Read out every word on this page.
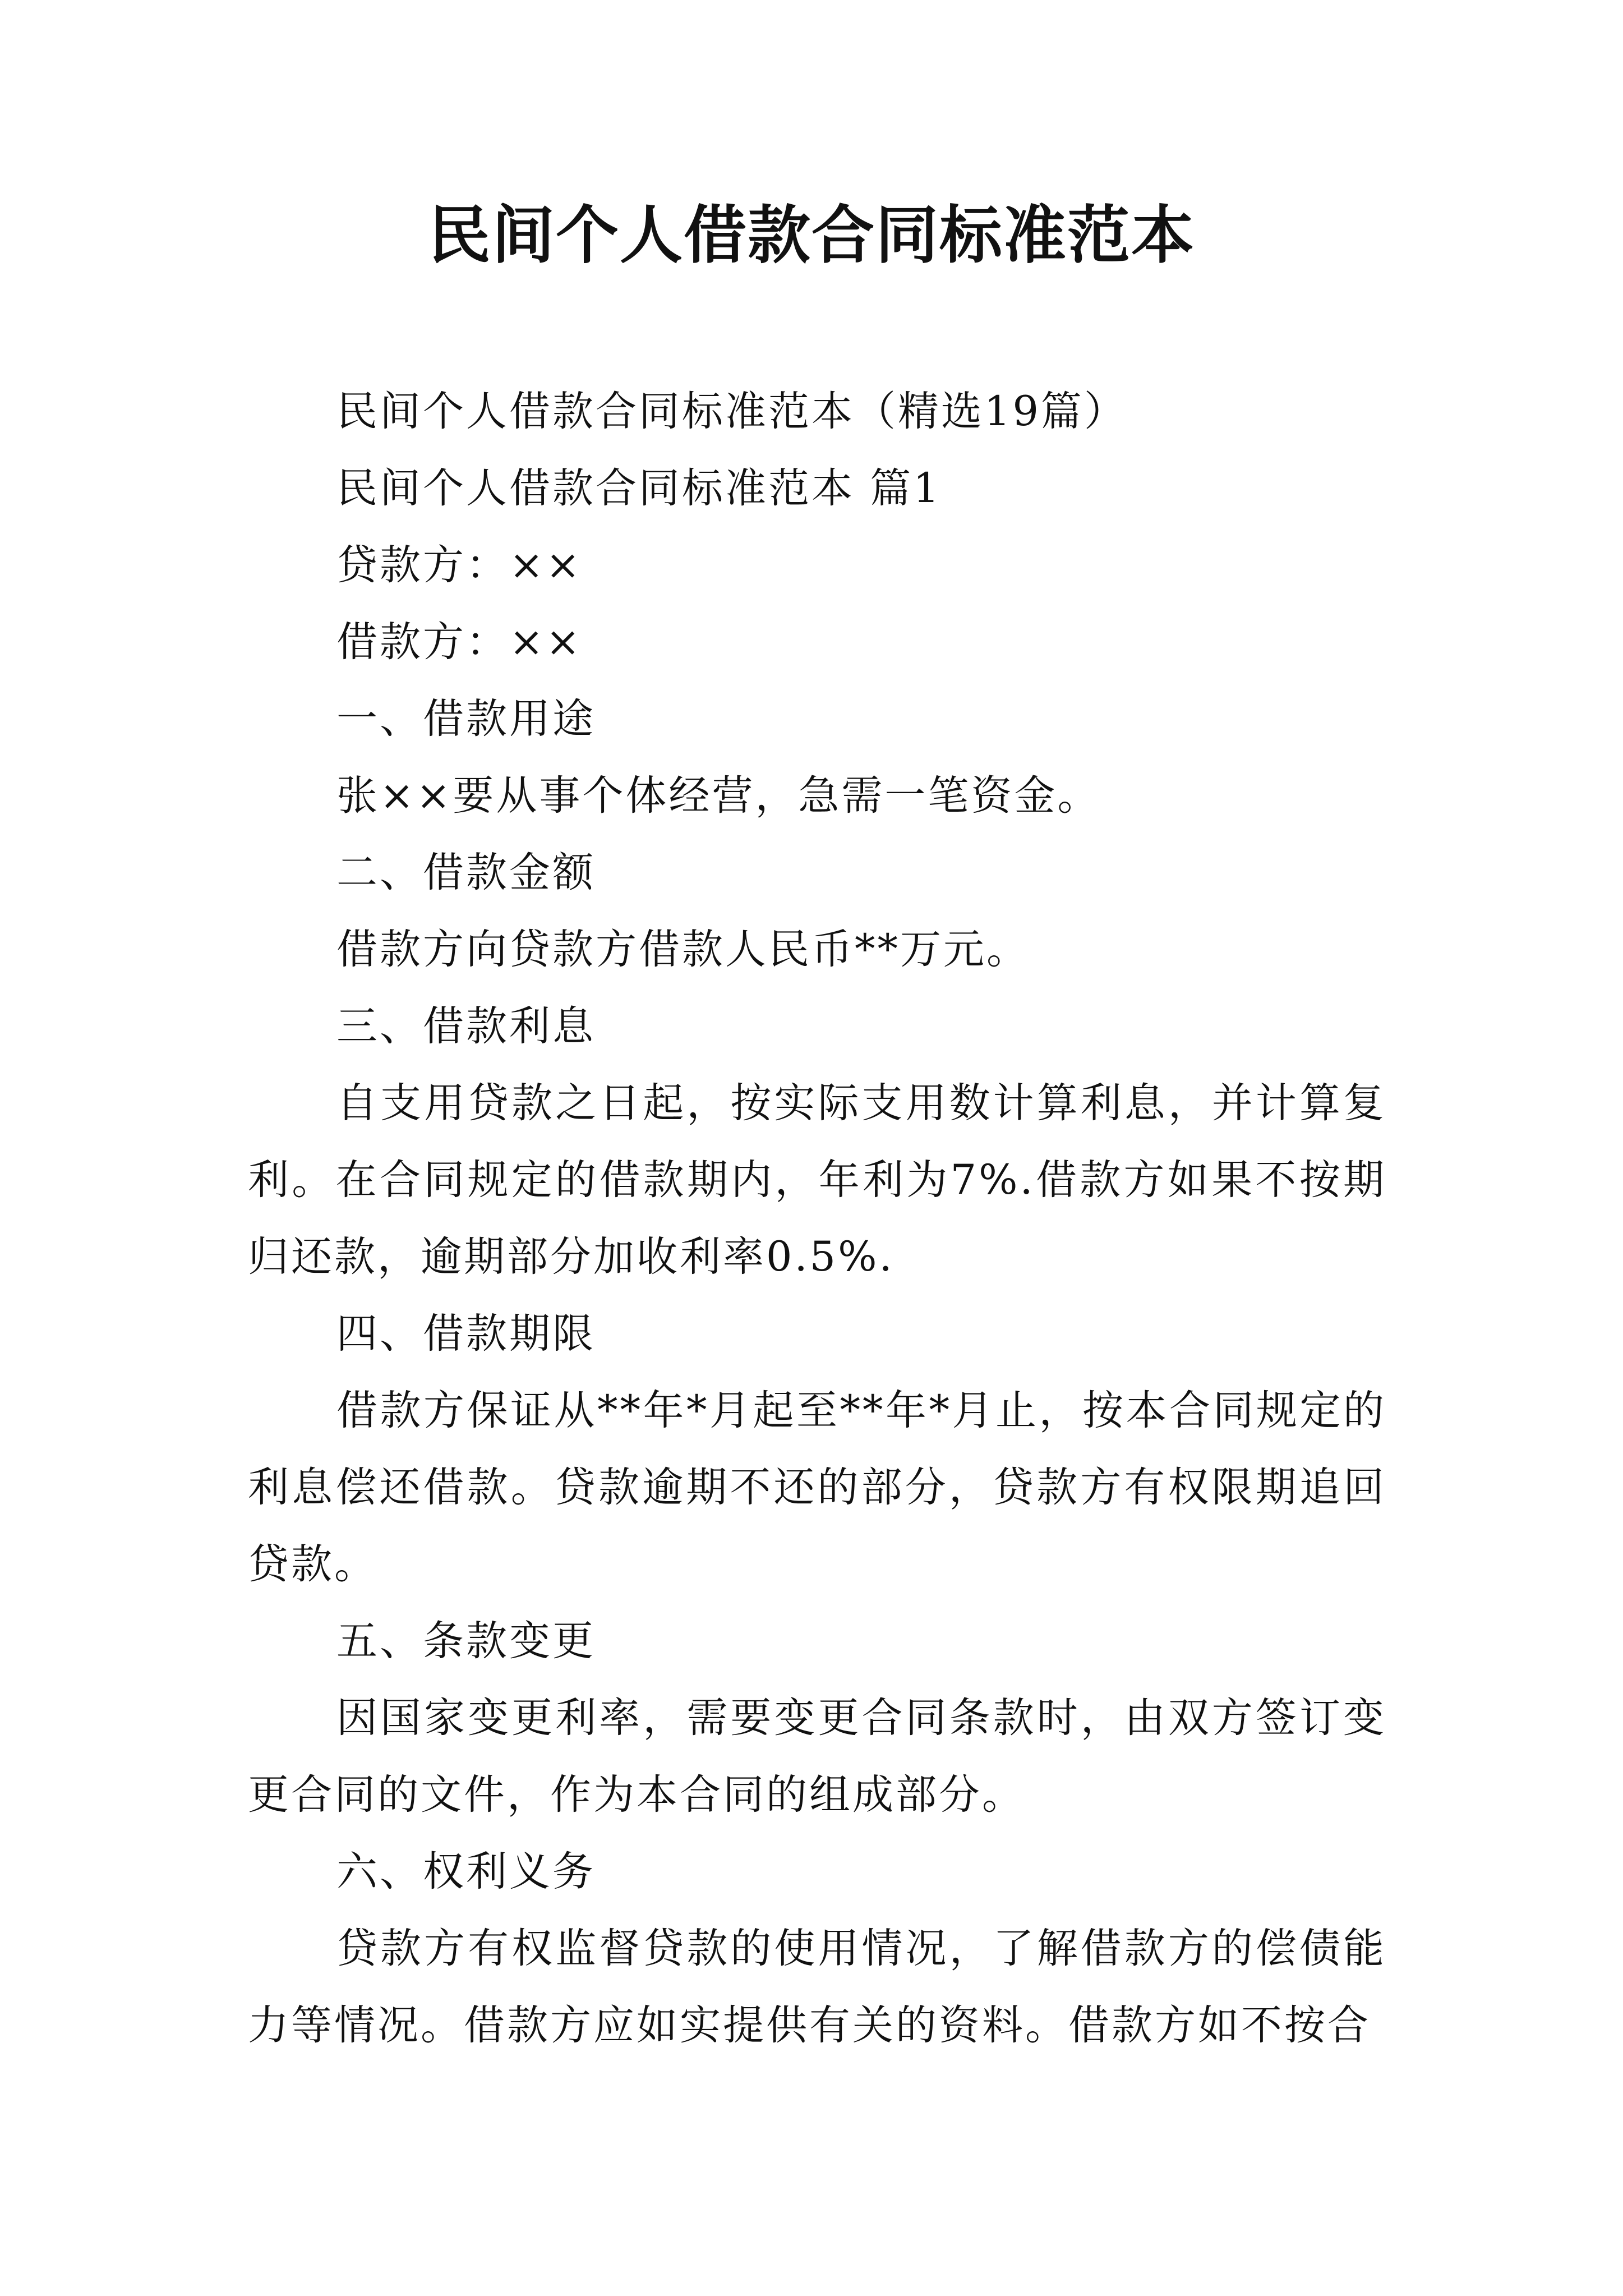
民间个人借款合同标准范本

民间个人借款合同标准范本（精选19篇）

民间个人借款合同标准范本 篇1

贷款方：××

借款方：××

一、借款用途

张××要从事个体经营，急需一笔资金。

二、借款金额

借款方向贷款方借款人民币**万元。

三、借款利息

自支用贷款之日起，按实际支用数计算利息，并计算复利。在合同规定的借款期内，年利为7%.借款方如果不按期归还款，逾期部分加收利率0.5%.

四、借款期限

借款方保证从**年*月起至**年*月止，按本合同规定的利息偿还借款。贷款逾期不还的部分，贷款方有权限期追回贷款。

五、条款变更

因国家变更利率，需要变更合同条款时，由双方签订变更合同的文件，作为本合同的组成部分。

六、权利义务

贷款方有权监督贷款的使用情况，了解借款方的偿债能力等情况。借款方应如实提供有关的资料。借款方如不按合
